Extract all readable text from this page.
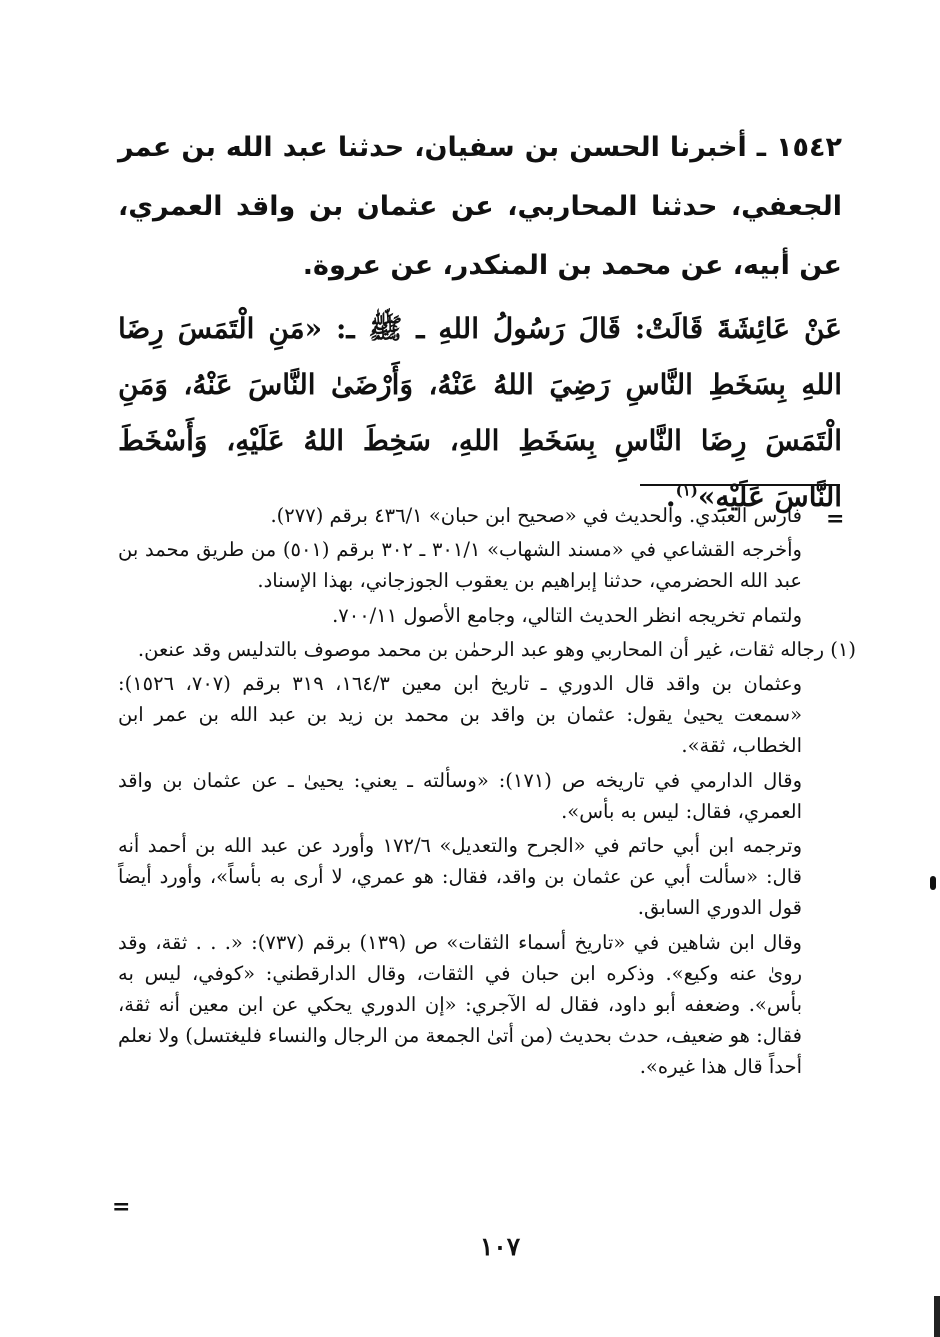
١٥٤٢ ـ أخبرنا الحسن بن سفيان، حدثنا عبد الله بن عمر الجعفي، حدثنا المحاربي، عن عثمان بن واقد العمري، عن أبيه، عن محمد بن المنكدر، عن عروة.

عَنْ عَائِشَةَ قَالَتْ: قَالَ رَسُولُ اللهِ ـ ﷺ ـ: «مَنِ الْتَمَسَ رِضَا اللهِ بِسَخَطِ النَّاسِ رَضِيَ اللهُ عَنْهُ، وَأَرْضَىٰ النَّاسَ عَنْهُ، وَمَنِ الْتَمَسَ رِضَا النَّاسِ بِسَخَطِ اللهِ، سَخِطَ اللهُ عَلَيْهِ، وَأَسْخَطَ النَّاسَ عَلَيْهِ»$^{(١)}$.

=

فارس العبدي. والحديث في «صحيح ابن حبان» ٤٣٦/١ برقم (٢٧٧).

وأخرجه القشاعي في «مسند الشهاب» ٣٠١/١ ـ ٣٠٢ برقم (٥٠١) من طريق محمد بن عبد الله الحضرمي، حدثنا إبراهيم بن يعقوب الجوزجاني، بهذا الإسناد.

ولتمام تخريجه انظر الحديث التالي، وجامع الأصول ٧٠٠/١١.

(١) رجاله ثقات، غير أن المحاربي وهو عبد الرحمٰن بن محمد موصوف بالتدليس وقد عنعن.

وعثمان بن واقد قال الدوري ـ تاريخ ابن معين ١٦٤/٣، ٣١٩ برقم (٧٠٧، ١٥٢٦): «سمعت يحيىٰ يقول: عثمان بن واقد بن محمد بن زيد بن عبد الله بن عمر ابن الخطاب، ثقة».

وقال الدارمي في تاريخه ص (١٧١): «وسألته ـ يعني: يحيىٰ ـ عن عثمان بن واقد العمري، فقال: ليس به بأس».

وترجمه ابن أبي حاتم في «الجرح والتعديل» ١٧٢/٦ وأورد عن عبد الله بن أحمد أنه قال: «سألت أبي عن عثمان بن واقد، فقال: هو عمري، لا أرى به بأساً»، وأورد أيضاً قول الدوري السابق.

وقال ابن شاهين في «تاريخ أسماء الثقات» ص (١٣٩) برقم (٧٣٧): «. . . ثقة، وقد روىٰ عنه وكيع». وذكره ابن حبان في الثقات، وقال الدارقطني: «كوفي، ليس به بأس». وضعفه أبو داود، فقال له الآجري: «إن الدوري يحكي عن ابن معين أنه ثقة، فقال: هو ضعيف، حدث بحديث (من أتىٰ الجمعة من الرجال والنساء فليغتسل) ولا نعلم أحداً قال هذا غيره».

=
١٠٧
